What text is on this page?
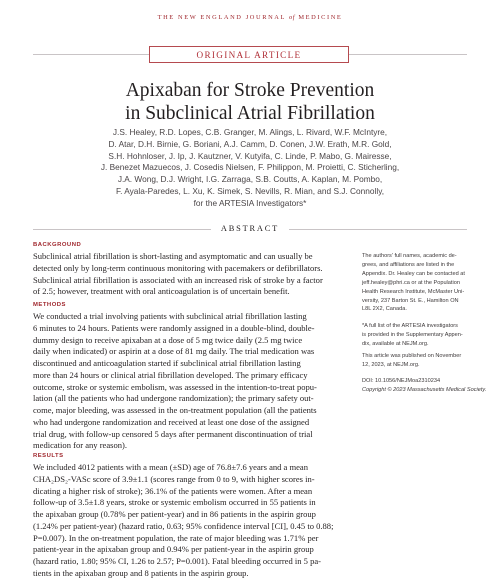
THE NEW ENGLAND JOURNAL of MEDICINE
ORIGINAL ARTICLE
Apixaban for Stroke Prevention
in Subclinical Atrial Fibrillation
J.S. Healey, R.D. Lopes, C.B. Granger, M. Alings, L. Rivard, W.F. McIntyre,
D. Atar, D.H. Birnie, G. Boriani, A.J. Camm, D. Conen, J.W. Erath, M.R. Gold,
S.H. Hohnloser, J. Ip, J. Kautzner, V. Kutyifa, C. Linde, P. Mabo, G. Mairesse,
J. Benezet Mazuecos, J. Cosedis Nielsen, F. Philippon, M. Proietti, C. Sticherling,
J.A. Wong, D.J. Wright, I.G. Zarraga, S.B. Coutts, A. Kaplan, M. Pombo,
F. Ayala-Paredes, L. Xu, K. Simek, S. Nevills, R. Mian, and S.J. Connolly,
for the ARTESIA Investigators*
ABSTRACT
BACKGROUND
Subclinical atrial fibrillation is short-lasting and asymptomatic and can usually be
detected only by long-term continuous monitoring with pacemakers or defibrillators.
Subclinical atrial fibrillation is associated with an increased risk of stroke by a factor
of 2.5; however, treatment with oral anticoagulation is of uncertain benefit.
METHODS
We conducted a trial involving patients with subclinical atrial fibrillation lasting
6 minutes to 24 hours. Patients were randomly assigned in a double-blind, double-
dummy design to receive apixaban at a dose of 5 mg twice daily (2.5 mg twice
daily when indicated) or aspirin at a dose of 81 mg daily. The trial medication was
discontinued and anticoagulation started if subclinical atrial fibrillation lasting
more than 24 hours or clinical atrial fibrillation developed. The primary efficacy
outcome, stroke or systemic embolism, was assessed in the intention-to-treat popu-
lation (all the patients who had undergone randomization); the primary safety out-
come, major bleeding, was assessed in the on-treatment population (all the patients
who had undergone randomization and received at least one dose of the assigned
trial drug, with follow-up censored 5 days after permanent discontinuation of trial
medication for any reason).
RESULTS
We included 4012 patients with a mean (±SD) age of 76.8±7.6 years and a mean
CHA₂DS₂-VASc score of 3.9±1.1 (scores range from 0 to 9, with higher scores in-
dicating a higher risk of stroke); 36.1% of the patients were women. After a mean
follow-up of 3.5±1.8 years, stroke or systemic embolism occurred in 55 patients in
the apixaban group (0.78% per patient-year) and in 86 patients in the aspirin group
(1.24% per patient-year) (hazard ratio, 0.63; 95% confidence interval [CI], 0.45 to 0.88;
P=0.007). In the on-treatment population, the rate of major bleeding was 1.71% per
patient-year in the apixaban group and 0.94% per patient-year in the aspirin group
(hazard ratio, 1.80; 95% CI, 1.26 to 2.57; P=0.001). Fatal bleeding occurred in 5 pa-
tients in the apixaban group and 8 patients in the aspirin group.
The authors' full names, academic de-
grees, and affiliations are listed in the
Appendix. Dr. Healey can be contacted at
jeff.healey@phri.ca or at the Population
Health Research Institute, McMaster Uni-
versity, 237 Barton St. E., Hamilton ON
L8L 2X2, Canada.
*A full list of the ARTESIA investigators
is provided in the Supplementary Appen-
dix, available at NEJM.org.
This article was published on November
12, 2023, at NEJM.org.
DOI: 10.1056/NEJMoa2310234
Copyright © 2023 Massachusetts Medical Society.
